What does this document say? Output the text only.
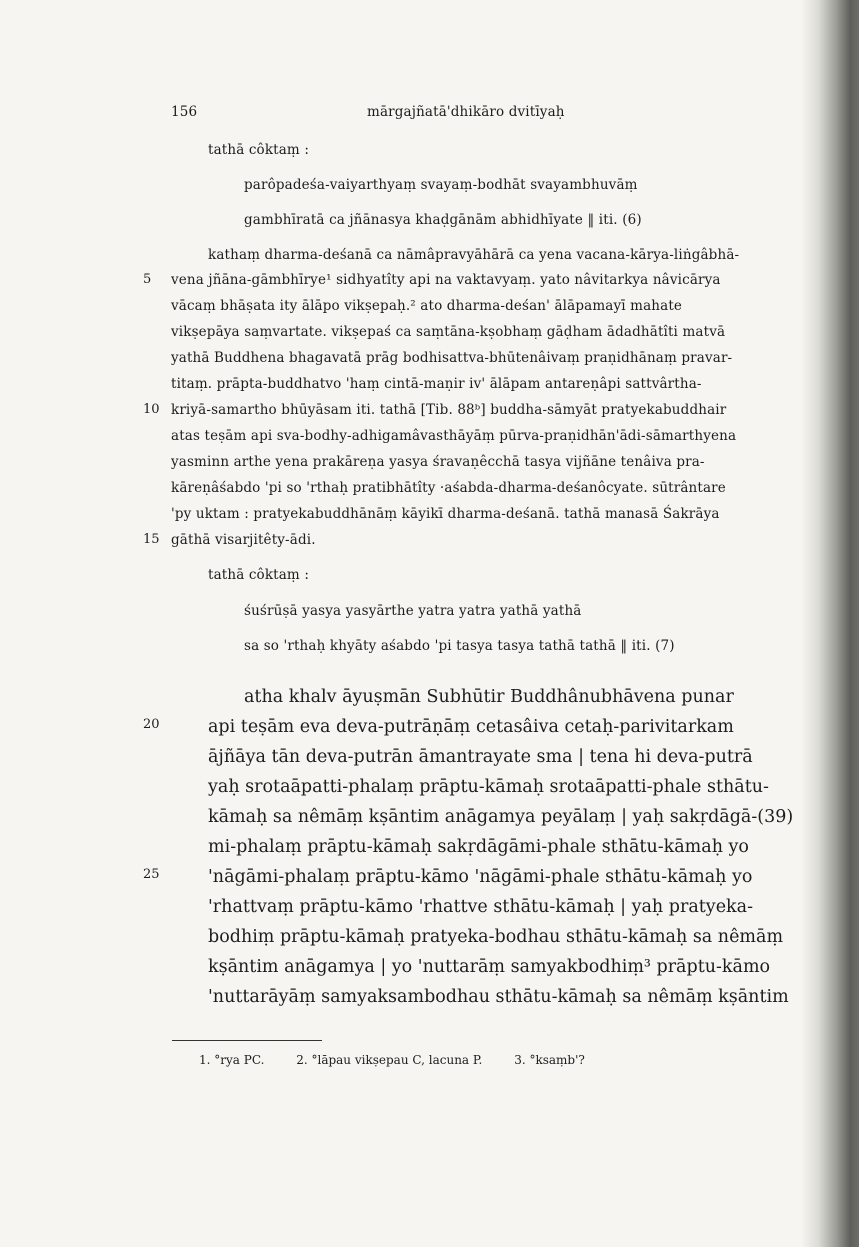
156	mārgajñatā'dhikāro dvitīyaḥ
tathā côktaṃ :
parôpadeśa-vaiyarthyaṃ svayaṃ-bodhāt svayambhuvāṃ
gambhīratā ca jñānasya khaḍgānām abhidhīyate ‖ iti. (6)
kathaṃ dharma-deśanā ca nāmâpravyāhārā ca yena vacana-kārya-liṅgâbhā-
vena jñāna-gāmbhīrye¹ sidhyatîty api na vaktavyaṃ. yato nâvitarkya nâvicārya
vācaṃ bhāṣata ity ālāpo vikṣepaḥ.² ato dharma-deśan' ālāpamayī mahate
vikṣepāya saṃvartate. vikṣepaś ca saṃtāna-kṣobhaṃ gāḍham ādadhātîti matvā
yathā Buddhena bhagavatā prāg bodhisattva-bhūtenâivaṃ praṇidhānaṃ pravar-
titaṃ. prāpta-buddhatvo 'haṃ cintā-maṇir iv' ālāpam antareṇâpi sattvârtha-
kriyā-samartho bhūyāsam iti. tathā [Tib. 88ᵇ] buddha-sāmyāt pratyekabuddhair
atas teṣām api sva-bodhy-adhigamâvasthāyāṃ pūrva-praṇidhān'ādi-sāmarthyena
yasminn arthe yena prakāreṇa yasya śravaṇêcchā tasya vijñāne tenâiva pra-
kāreṇâśabdo 'pi so 'rthaḥ pratibhātîty ·aśabda-dharma-deśanôcyate. sūtrântare
'py uktam : pratyekabuddhānāṃ kāyikī dharma-deśanā. tathā manasā Śakrāya
gāthā visarjitêty-ādi.
tathā côktaṃ :
śuśrūṣā yasya yasyārthe yatra yatra yathā yathā
sa so 'rthaḥ khyāty aśabdo 'pi tasya tasya tathā tathā ‖ iti. (7)
atha khalv āyuṣmān Subhūtir Buddhânubhāvena punar
api teṣām eva deva-putrāṇāṃ cetasâiva cetaḥ-parivitarkam
ājñāya tān deva-putrān āmantrayate sma | tena hi deva-putrā
yaḥ srotaāpatti-phalaṃ prāptu-kāmaḥ srotaāpatti-phale sthātu-
kāmaḥ sa nêmāṃ kṣāntim anāgamya peyālaṃ | yaḥ sakṛdāgā-(39)
mi-phalaṃ prāptu-kāmaḥ sakṛdāgāmi-phale sthātu-kāmaḥ yo
'nāgāmi-phalaṃ prāptu-kāmo 'nāgāmi-phale sthātu-kāmaḥ yo
'rhattvaṃ prāptu-kāmo 'rhattve sthātu-kāmaḥ | yaḥ pratyeka-
bodhiṃ prāptu-kāmaḥ pratyeka-bodhau sthātu-kāmaḥ sa nêmāṃ
kṣāntim anāgamya | yo 'nuttarāṃ samyakbodhiṃ³ prāptu-kāmo
'nuttarāyāṃ samyaksambodhau sthātu-kāmaḥ sa nêmāṃ kṣāntim
5
10
15
20
25
1. °rya PC.	2. °lāpau vikṣepau C, lacuna P.	3. °ksaṃb'?
